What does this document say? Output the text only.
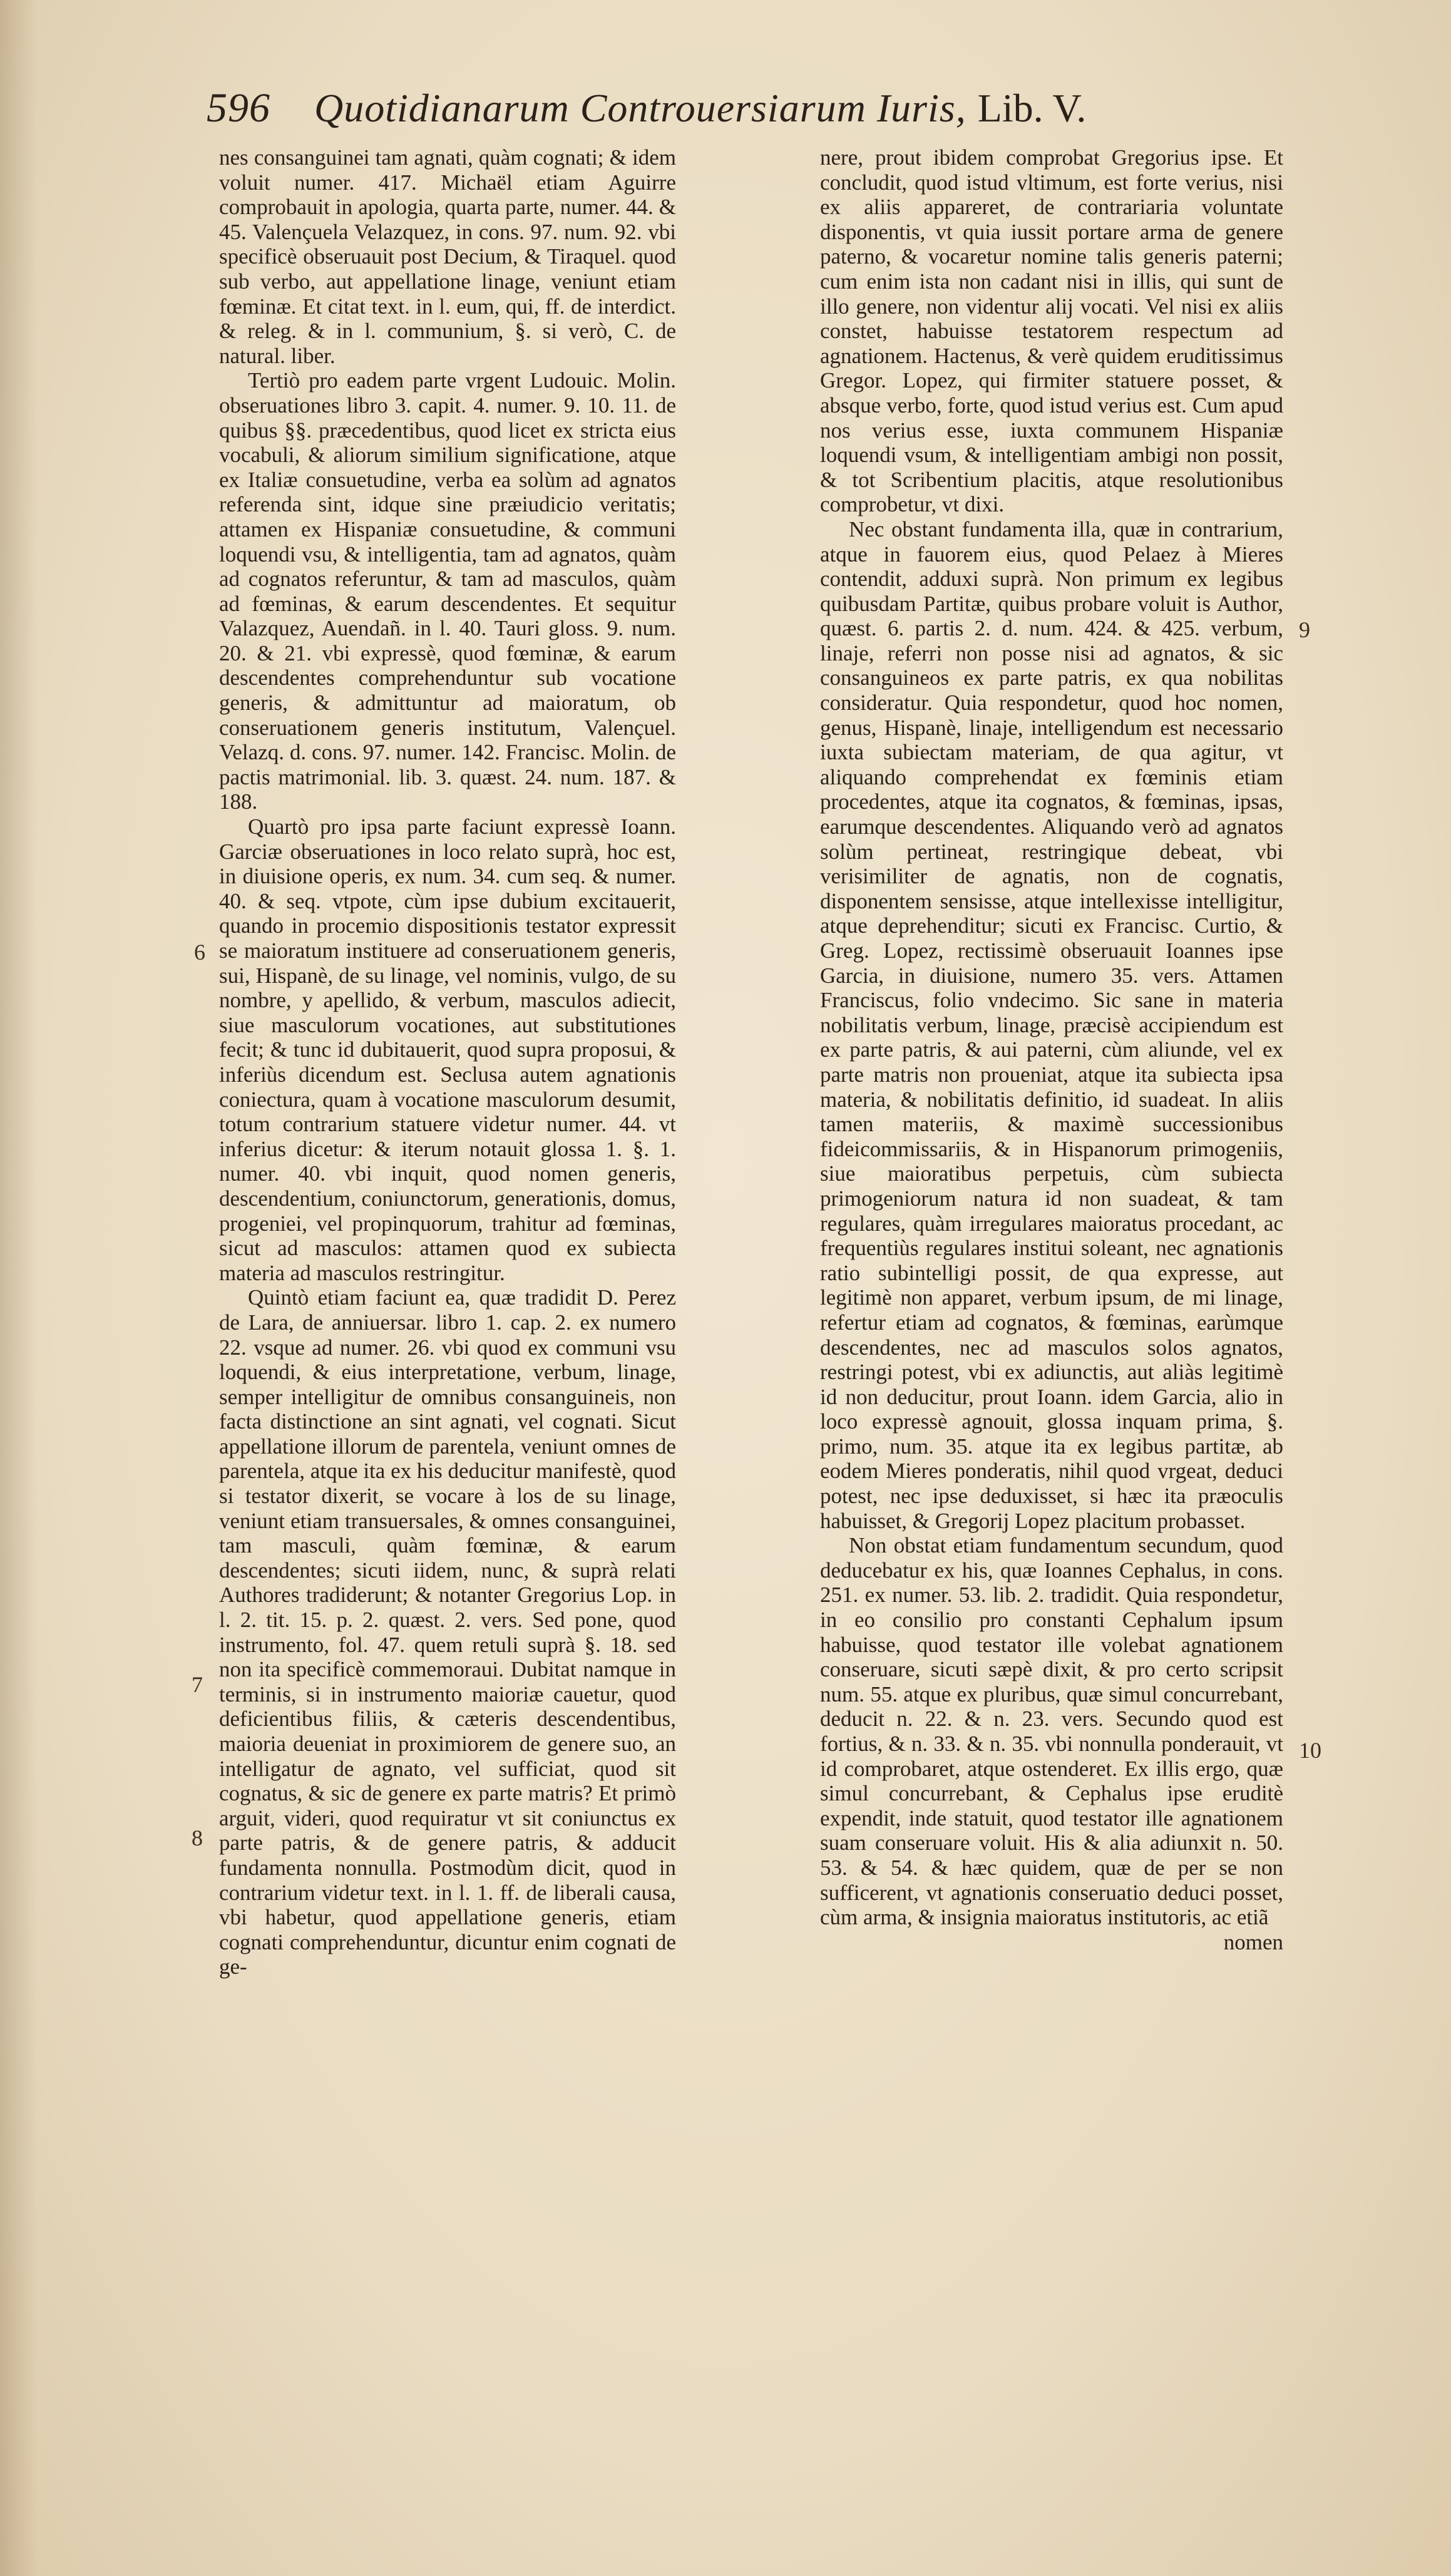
596 Quotidianarum Controuersiarum Iuris, Lib. V.

nes consanguinei tam agnati, quàm cognati; & idem voluit numer. 417. Michaël etiam Aguirre comprobauit in apologia, quarta parte, numer. 44. & 45. Valençuela Velazquez, in cons. 97. num. 92. vbi specificè obseruauit post Decium, & Tiraquel. quod sub verbo, aut appellatione linage, veniunt etiam fœminæ. Et citat text. in l. eum, qui, ff. de interdict. & releg. & in l. communium, §. si verò, C. de natural. liber.

Tertiò pro eadem parte vrgent Ludouic. Molin. obseruationes libro 3. capit. 4. numer. 9. 10. 11. de quibus §§. præcedentibus, quod licet ex stricta eius vocabuli, & aliorum similium significatione, atque ex Italiæ consuetudine, verba ea solùm ad agnatos referenda sint, idque sine præiudicio veritatis; attamen ex Hispaniæ consuetudine, & communi loquendi vsu, & intelligentia, tam ad agnatos, quàm ad cognatos referuntur, & tam ad masculos, quàm ad fœminas, & earum descendentes. Et sequitur Valazquez, Auendañ. in l. 40. Tauri gloss. 9. num. 20. & 21. vbi expressè, quod fœminæ, & earum descendentes comprehenduntur sub vocatione generis, & admittuntur ad maioratum, ob conseruationem generis institutum, Valençuel. Velazq. d. cons. 97. numer. 142. Francisc. Molin. de pactis matrimonial. lib. 3. quæst. 24. num. 187. & 188.

Quartò pro ipsa parte faciunt expressè Ioann. Garciæ obseruationes in loco relato suprà, hoc est, in diuisione operis, ex num. 34. cum seq. & numer. 40. & seq. vtpote, cùm ipse dubium excitauerit, quando in procemio dispositionis testator expressit se maioratum instituere ad conseruationem generis, sui, Hispanè, de su linage, vel nominis, vulgo, de su nombre, y apellido, & verbum, masculos adiecit, siue masculorum vocationes, aut substitutiones fecit; & tunc id dubitauerit, quod supra proposui, & inferiùs dicendum est. Seclusa autem agnationis coniectura, quam à vocatione masculorum desumit, totum contrarium statuere videtur numer. 44. vt inferius dicetur: & iterum notauit glossa 1. §. 1. numer. 40. vbi inquit, quod nomen generis, descendentium, coniunctorum, generationis, domus, progeniei, vel propinquorum, trahitur ad fœminas, sicut ad masculos: attamen quod ex subiecta materia ad masculos restringitur.

Quintò etiam faciunt ea, quæ tradidit D. Perez de Lara, de anniuersar. libro 1. cap. 2. ex numero 22. vsque ad numer. 26. vbi quod ex communi vsu loquendi, & eius interpretatione, verbum, linage, semper intelligitur de omnibus consanguineis, non facta distinctione an sint agnati, vel cognati. Sicut appellatione illorum de parentela, veniunt omnes de parentela, atque ita ex his deducitur manifestè, quod si testator dixerit, se vocare à los de su linage, veniunt etiam transuersales, & omnes consanguinei, tam masculi, quàm fœminæ, & earum descendentes; sicuti iidem, nunc, & suprà relati Authores tradiderunt; & notanter Gregorius Lop. in l. 2. tit. 15. p. 2. quæst. 2. vers. Sed pone, quod instrumento, fol. 47. quem retuli suprà §. 18. sed non ita specificè commemoraui. Dubitat namque in terminis, si in instrumento maioriæ cauetur, quod deficientibus filiis, & cæteris descendentibus, maioria deueniat in proximiorem de genere suo, an intelligatur de agnato, vel sufficiat, quod sit cognatus, & sic de genere ex parte matris? Et primò arguit, videri, quod requiratur vt sit coniunctus ex parte patris, & de genere patris, & adducit fundamenta nonnulla. Postmodùm dicit, quod in contrarium videtur text. in l. 1. ff. de liberali causa, vbi habetur, quod appellatione generis, etiam cognati comprehenduntur, dicuntur enim cognati de ge-

nere, prout ibidem comprobat Gregorius ipse. Et concludit, quod istud vltimum, est forte verius, nisi ex aliis appareret, de contrariaria voluntate disponentis, vt quia iussit portare arma de genere paterno, & vocaretur nomine talis generis paterni; cum enim ista non cadant nisi in illis, qui sunt de illo genere, non videntur alij vocati. Vel nisi ex aliis constet, habuisse testatorem respectum ad agnationem. Hactenus, & verè quidem eruditissimus Gregor. Lopez, qui firmiter statuere posset, & absque verbo, forte, quod istud verius est. Cum apud nos verius esse, iuxta communem Hispaniæ loquendi vsum, & intelligentiam ambigi non possit, & tot Scribentium placitis, atque resolutionibus comprobetur, vt dixi.

Nec obstant fundamenta illa, quæ in contrarium, atque in fauorem eius, quod Pelaez à Mieres contendit, adduxi suprà. Non primum ex legibus quibusdam Partitæ, quibus probare voluit is Author, quæst. 6. partis 2. d. num. 424. & 425. verbum, linaje, referri non posse nisi ad agnatos, & sic consanguineos ex parte patris, ex qua nobilitas consideratur. Quia respondetur, quod hoc nomen, genus, Hispanè, linaje, intelligendum est necessario iuxta subiectam materiam, de qua agitur, vt aliquando comprehendat ex fœminis etiam procedentes, atque ita cognatos, & fœminas, ipsas, earumque descendentes. Aliquando verò ad agnatos solùm pertineat, restringique debeat, vbi verisimiliter de agnatis, non de cognatis, disponentem sensisse, atque intellexisse intelligitur, atque deprehenditur; sicuti ex Francisc. Curtio, & Greg. Lopez, rectissimè obseruauit Ioannes ipse Garcia, in diuisione, numero 35. vers. Attamen Franciscus, folio vndecimo. Sic sane in materia nobilitatis verbum, linage, præcisè accipiendum est ex parte patris, & aui paterni, cùm aliunde, vel ex parte matris non proueniat, atque ita subiecta ipsa materia, & nobilitatis definitio, id suadeat. In aliis tamen materiis, & maximè successionibus fideicommissariis, & in Hispanorum primogeniis, siue maioratibus perpetuis, cùm subiecta primogeniorum natura id non suadeat, & tam regulares, quàm irregulares maioratus procedant, ac frequentiùs regulares institui soleant, nec agnationis ratio subintelligi possit, de qua expresse, aut legitimè non apparet, verbum ipsum, de mi linage, refertur etiam ad cognatos, & fœminas, earùmque descendentes, nec ad masculos solos agnatos, restringi potest, vbi ex adiunctis, aut aliàs legitimè id non deducitur, prout Ioann. idem Garcia, alio in loco expressè agnouit, glossa inquam prima, §. primo, num. 35. atque ita ex legibus partitæ, ab eodem Mieres ponderatis, nihil quod vrgeat, deduci potest, nec ipse deduxisset, si hæc ita præoculis habuisset, & Gregorij Lopez placitum probasset.

Non obstat etiam fundamentum secundum, quod deducebatur ex his, quæ Ioannes Cephalus, in cons. 251. ex numer. 53. lib. 2. tradidit. Quia respondetur, in eo consilio pro constanti Cephalum ipsum habuisse, quod testator ille volebat agnationem conseruare, sicuti sæpè dixit, & pro certo scripsit num. 55. atque ex pluribus, quæ simul concurrebant, deducit n. 22. & n. 23. vers. Secundo quod est fortius, & n. 33. & n. 35. vbi nonnulla ponderauit, vt id comprobaret, atque ostenderet. Ex illis ergo, quæ simul concurrebant, & Cephalus ipse eruditè expendit, inde statuit, quod testator ille agnationem suam conseruare voluit. His & alia adiunxit n. 50. 53. & 54. & hæc quidem, quæ de per se non sufficerent, vt agnationis conseruatio deduci posset, cùm arma, & insignia maioratus institutoris, ac etiã

nomen

6
7
8
9
10
